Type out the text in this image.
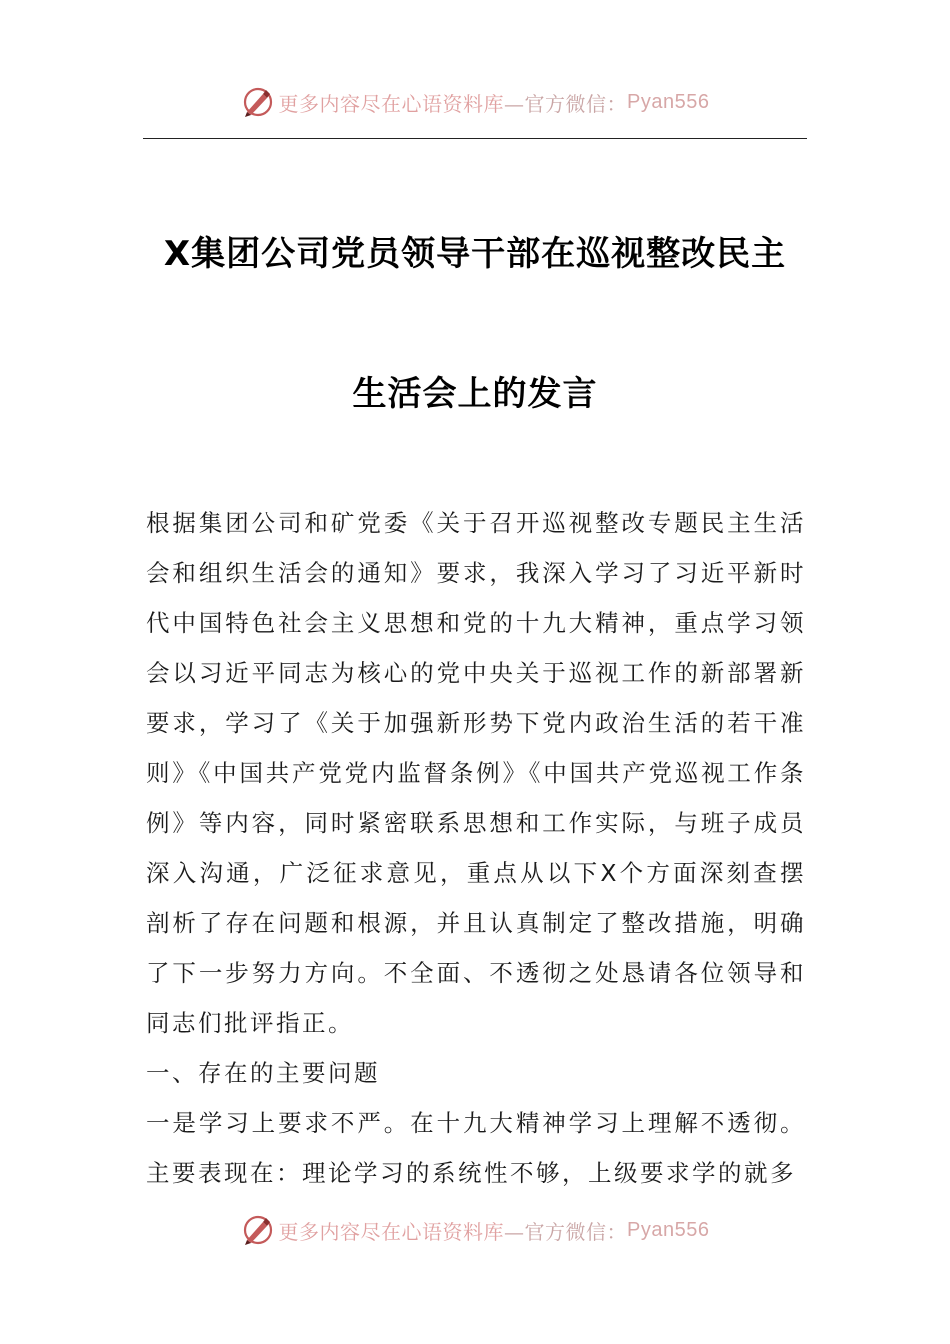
更多内容尽在心语资料库 —官方微信： Pyan556
X集团公司党员领导干部在巡视整改民主
生活会上的发言

根据集团公司和矿党委《关于召开巡视整改专题民主生活会和组织生活会的通知》要求，我深入学习了习近平新时代中国特色社会主义思想和党的十九大精神，重点学习领会以习近平同志为核心的党中央关于巡视工作的新部署新要求，学习了《关于加强新形势下党内政治生活的若干准则》《中国共产党党内监督条例》《中国共产党巡视工作条例》等内容，同时紧密联系思想和工作实际，与班子成员深入沟通，广泛征求意见，重点从以下X个方面深刻查摆剖析了存在问题和根源，并且认真制定了整改措施，明确了下一步努力方向。不全面、不透彻之处恳请各位领导和同志们批评指正。

一、存在的主要问题

一是学习上要求不严。在十九大精神学习上理解不透彻。主要表现在：理论学习的系统性不够，上级要求学的就多

更多内容尽在心语资料库 —官方微信： Pyan556
